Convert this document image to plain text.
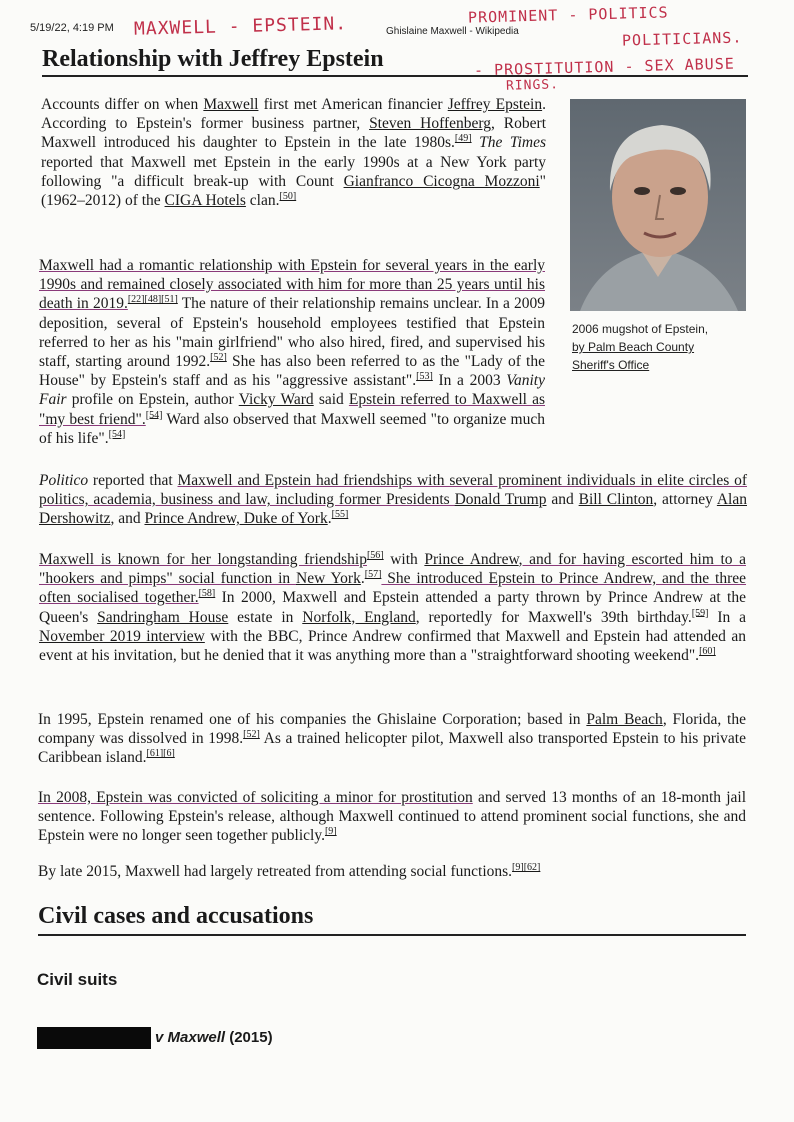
5/19/22, 4:19 PM	Ghislaine Maxwell - Wikipedia
MAXWELL - EPSTEIN.	PROMINENT - POLITICS
POLITICIANS.
- PROSTITUTION - SEX ABUSE
RINGS.
Relationship with Jeffrey Epstein
2006 mugshot of Epstein,
by Palm Beach County
Sheriff's Office

Accounts differ on when Maxwell first met American financier Jeffrey Epstein. According to Epstein's former business partner, Steven Hoffenberg, Robert Maxwell introduced his daughter to Epstein in the late 1980s.[49] The Times reported that Maxwell met Epstein in the early 1990s at a New York party following "a difficult break-up with Count Gianfranco Cicogna Mozzoni" (1962–2012) of the CIGA Hotels clan.[50]

Maxwell had a romantic relationship with Epstein for several years in the early 1990s and remained closely associated with him for more than 25 years until his death in 2019.[22][48][51] The nature of their relationship remains unclear. In a 2009 deposition, several of Epstein's household employees testified that Epstein referred to her as his "main girlfriend" who also hired, fired, and supervised his staff, starting around 1992.[52] She has also been referred to as the "Lady of the House" by Epstein's staff and as his "aggressive assistant".[53] In a 2003 Vanity Fair profile on Epstein, author Vicky Ward said Epstein referred to Maxwell as "my best friend".[54] Ward also observed that Maxwell seemed "to organize much of his life".[54]

Politico reported that Maxwell and Epstein had friendships with several prominent individuals in elite circles of politics, academia, business and law, including former Presidents Donald Trump and Bill Clinton, attorney Alan Dershowitz, and Prince Andrew, Duke of York.[55]

Maxwell is known for her longstanding friendship[56] with Prince Andrew, and for having escorted him to a "hookers and pimps" social function in New York.[57] She introduced Epstein to Prince Andrew, and the three often socialised together.[58] In 2000, Maxwell and Epstein attended a party thrown by Prince Andrew at the Queen's Sandringham House estate in Norfolk, England, reportedly for Maxwell's 39th birthday.[59] In a November 2019 interview with the BBC, Prince Andrew confirmed that Maxwell and Epstein had attended an event at his invitation, but he denied that it was anything more than a "straightforward shooting weekend".[60]

In 1995, Epstein renamed one of his companies the Ghislaine Corporation; based in Palm Beach, Florida, the company was dissolved in 1998.[52] As a trained helicopter pilot, Maxwell also transported Epstein to his private Caribbean island.[61][6]

In 2008, Epstein was convicted of soliciting a minor for prostitution and served 13 months of an 18-month jail sentence. Following Epstein's release, although Maxwell continued to attend prominent social functions, she and Epstein were no longer seen together publicly.[9]

By late 2015, Maxwell had largely retreated from attending social functions.[9][62]

Civil cases and accusations
Civil suits
v Maxwell (2015)
